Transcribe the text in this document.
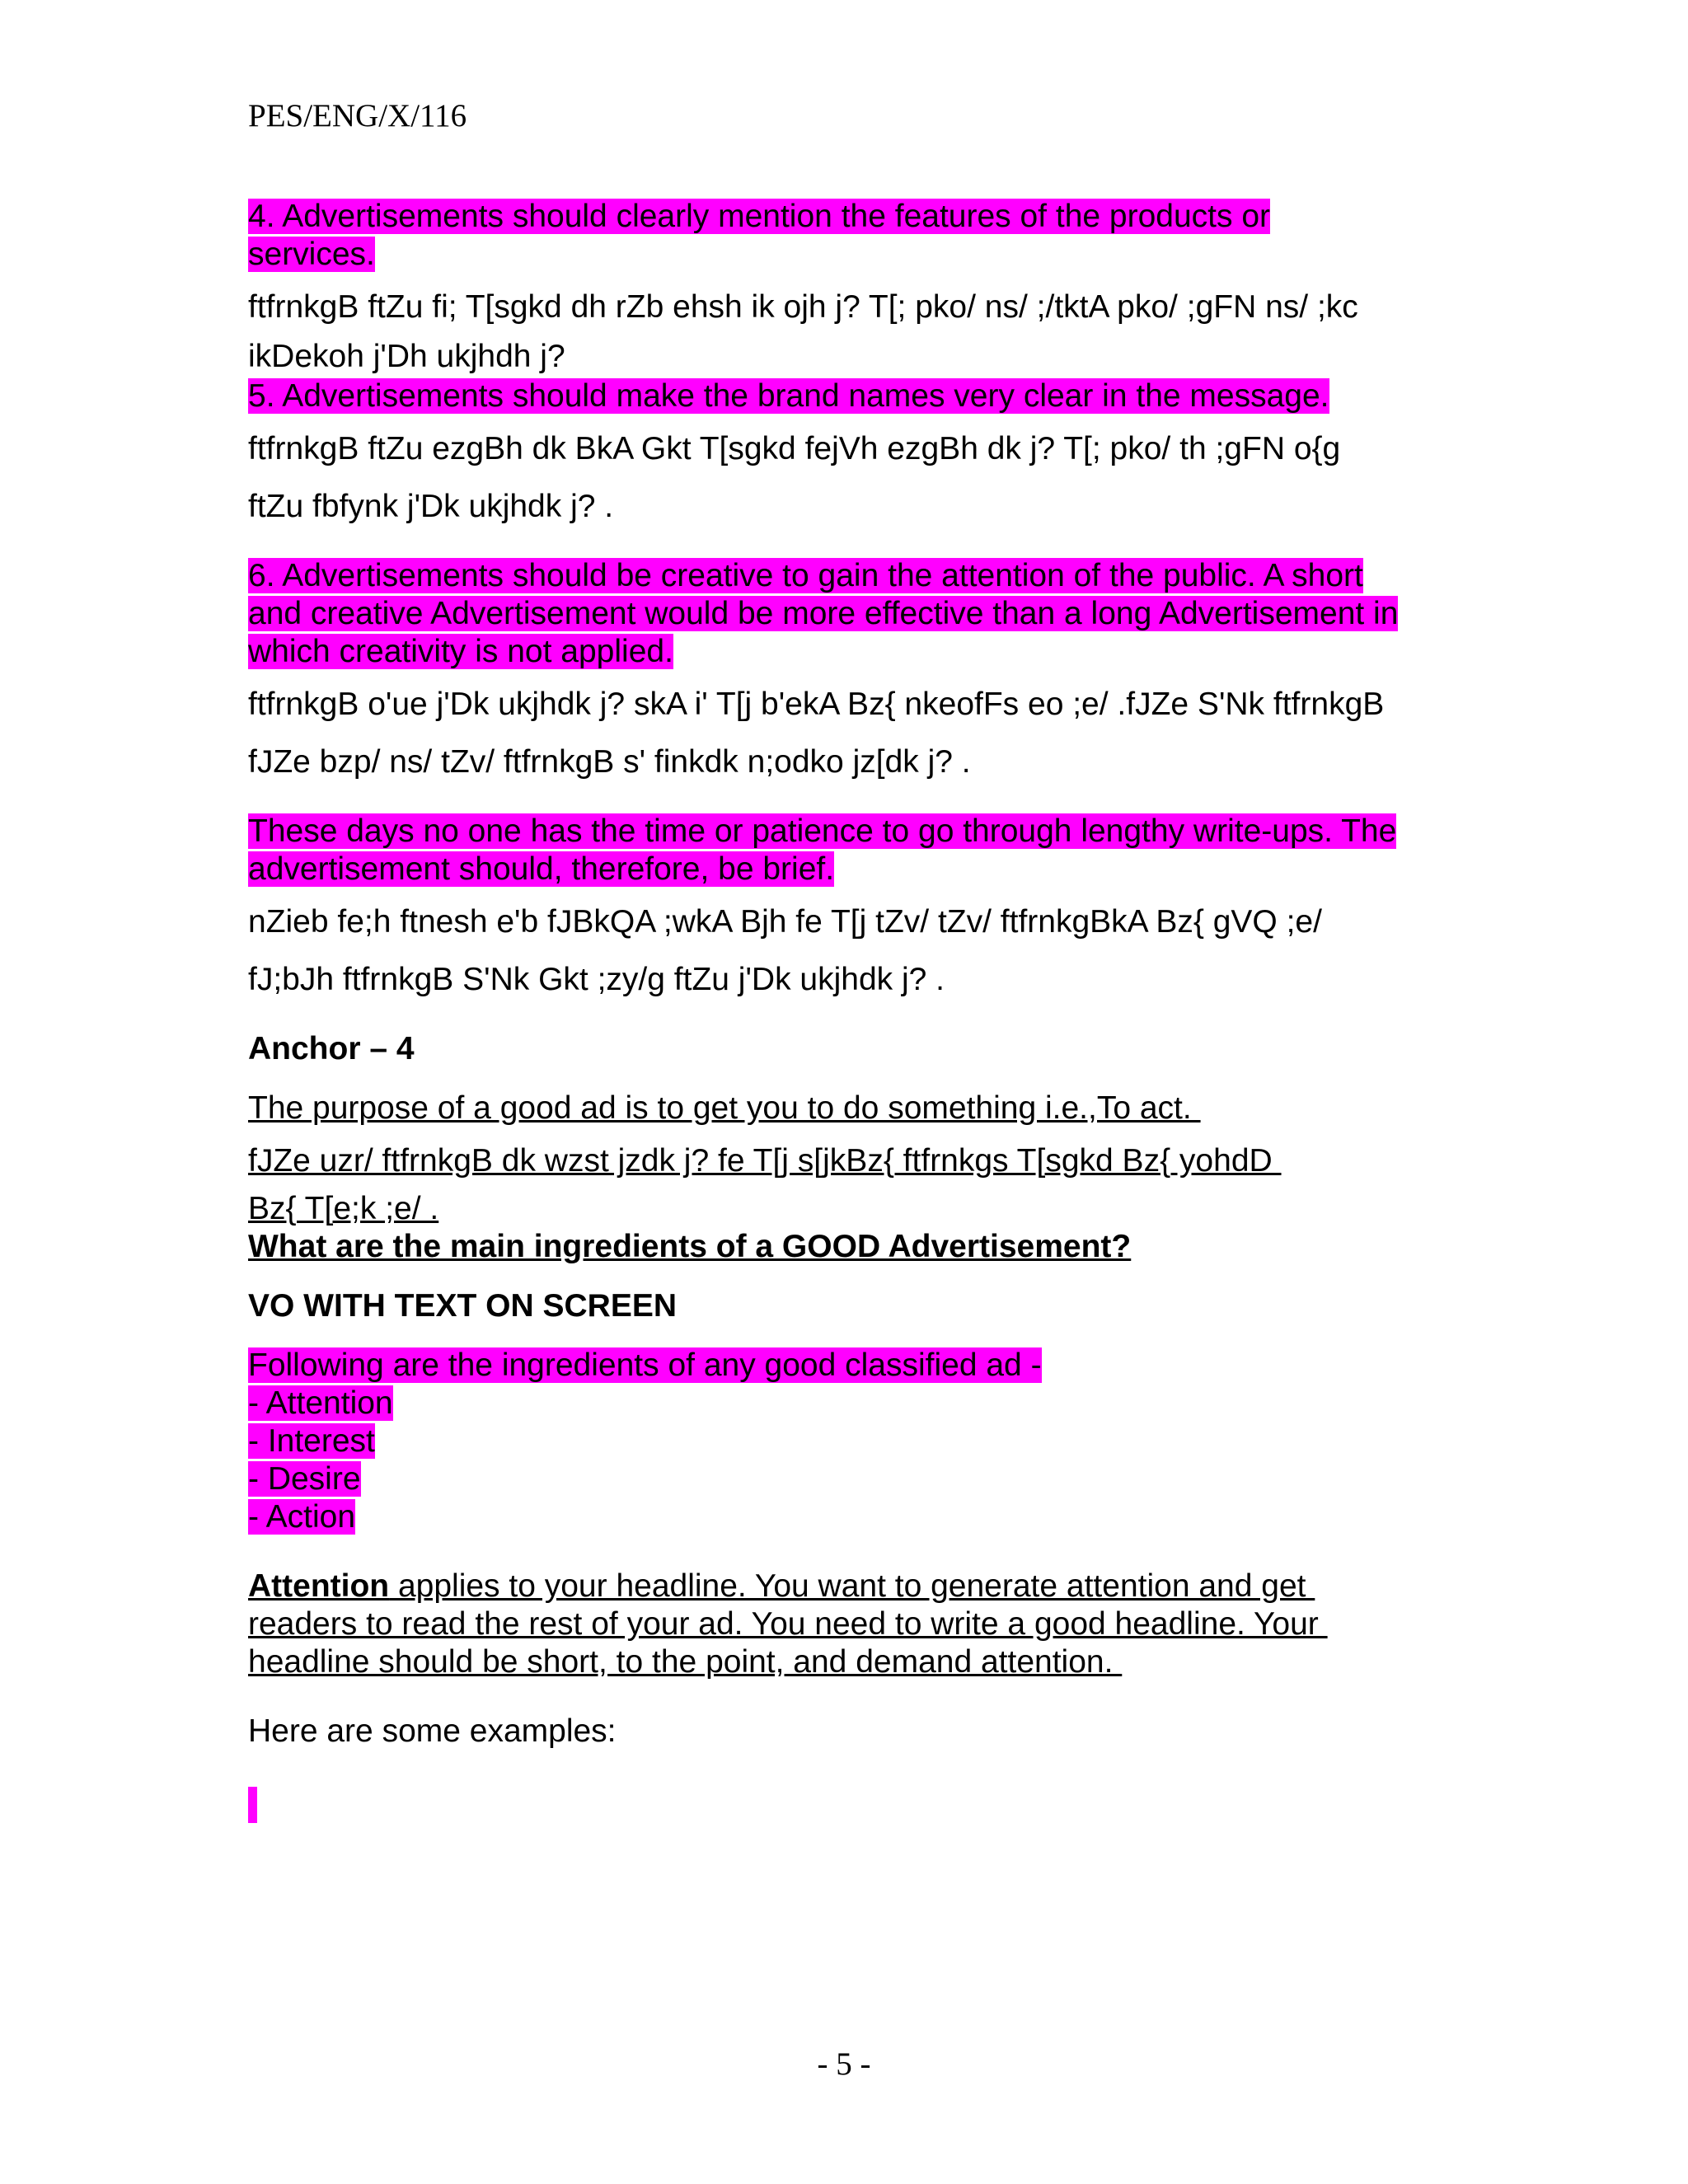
PES/ENG/X/116
4. Advertisements should clearly mention the features of the products or
services.
ftfrnkgB ftZu fi; T[sgkd dh rZb ehsh ik ojh j? T[; pko/ ns/ ;/tktA pko/ ;gFN ns/ ;kc
ikDekoh j'Dh ukjhdh j?
5. Advertisements should make the brand names very clear in the message.
ftfrnkgB ftZu ezgBh dk BkA Gkt T[sgkd fejVh ezgBh dk j? T[; pko/ th ;gFN o{g
ftZu fbfynk j'Dk ukjhdk j? .
6. Advertisements should be creative to gain the attention of the public. A short
and creative Advertisement would be more effective than a long Advertisement in
which creativity is not applied.
ftfrnkgB o'ue j'Dk ukjhdk j? skA i' T[j b'ekA Bz{ nkeofFs eo ;e/ .fJZe S'Nk ftfrnkgB
fJZe bzp/ ns/ tZv/ ftfrnkgB s' finkdk n;odko jz[dk j? .
These days no one has the time or patience to go through lengthy write-ups. The
advertisement should, therefore, be brief.
nZieb fe;h ftnesh e'b fJBkQA ;wkA Bjh fe T[j tZv/ tZv/ ftfrnkgBkA Bz{ gVQ ;e/
fJ;bJh ftfrnkgB S'Nk Gkt ;zy/g ftZu j'Dk ukjhdk j? .
Anchor – 4
The purpose of a good ad is to get you to do something i.e.,To act.
fJZe uzr/ ftfrnkgB dk wzst jzdk j? fe T[j s[jkBz{ ftfrnkgs T[sgkd Bz{ yohdD
Bz{ T[e;k ;e/ .
What are the main ingredients of a GOOD Advertisement?
VO WITH TEXT ON SCREEN
Following are the ingredients of any good classified ad -
- Attention
- Interest
- Desire
- Action
Attention applies to your headline. You want to generate attention and get
readers to read the rest of your ad. You need to write a good headline. Your
headline should be short, to the point, and demand attention.
Here are some examples:
- 5 -
